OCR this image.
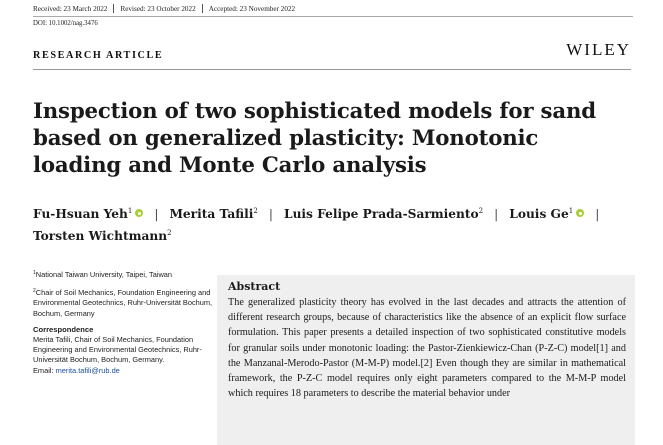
Received: 23 March 2022 Revised: 23 October 2022 Accepted: 23 November 2022
DOI: 10.1002/nag.3476
RESEARCH ARTICLE	WILEY
Inspection of two sophisticated models for sand based on generalized plasticity: Monotonic loading and Monte Carlo analysis
Fu-Hsuan Yeh$^1$ | Merita Tafili$^2$ | Luis Felipe Prada-Sarmiento$^2$ | Louis Ge$^1$ |
Torsten Wichtmann$^2$

$^1$National Taiwan University, Taipei, Taiwan

$^2$Chair of Soil Mechanics, Foundation Engineering and Environmental Geotechnics, Ruhr-Universität Bochum, Bochum, Germany

Correspondence
Merita Tafili, Chair of Soil Mechanics, Foundation Engineering and Environmental Geotechnics, Ruhr-Universität Bochum, Bochum, Germany.
Email: merita.tafili@rub.de
Abstract
The generalized plasticity theory has evolved in the last decades and attracts the attention of different research groups, because of characteristics like the absence of an explicit flow surface formulation. This paper presents a detailed inspection of two sophisticated constitutive models for granular soils under monotonic loading: the Pastor-Zienkiewicz-Chan (P-Z-C) model[1] and the Manzanal-Merodo-Pastor (M-M-P) model.[2] Even though they are similar in mathematical framework, the P-Z-C model requires only eight parameters compared to the M-M-P model which requires 18 parameters to describe the material behavior under
